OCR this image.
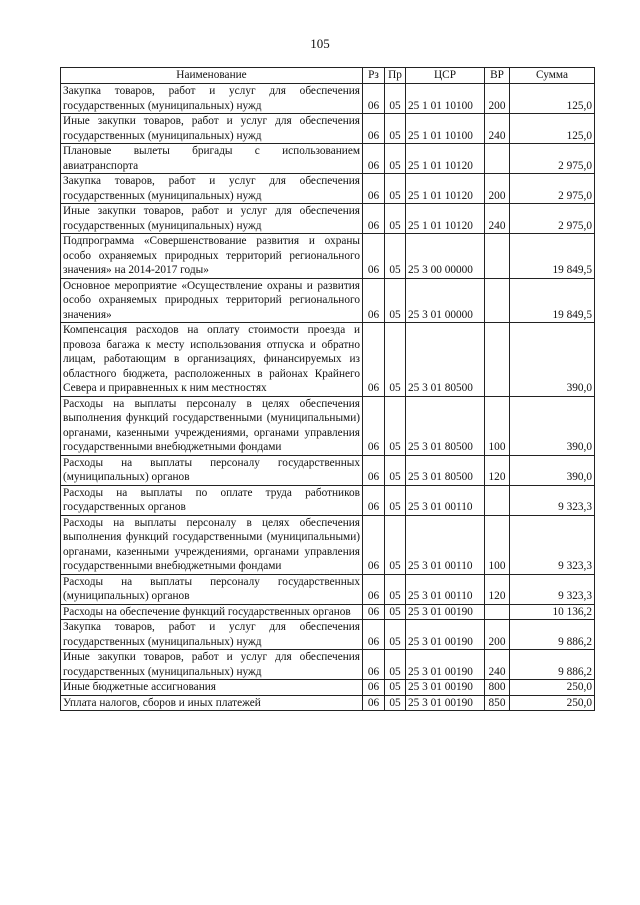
105
Наименование	Рз	Пр	ЦСР	ВР	Сумма
Закупка товаров, работ и услуг для обеспечения государственных (муниципальных) нужд	06	05	25 1 01 10100	200	125,0
Иные закупки товаров, работ и услуг для обеспечения государственных (муниципальных) нужд	06	05	25 1 01 10100	240	125,0
Плановые вылеты бригады с использованием авиатранспорта	06	05	25 1 01 10120		2 975,0
Закупка товаров, работ и услуг для обеспечения государственных (муниципальных) нужд	06	05	25 1 01 10120	200	2 975,0
Иные закупки товаров, работ и услуг для обеспечения государственных (муниципальных) нужд	06	05	25 1 01 10120	240	2 975,0
Подпрограмма «Совершенствование развития и охраны особо охраняемых природных территорий регионального значения» на 2014-2017 годы»	06	05	25 3 00 00000		19 849,5
Основное мероприятие «Осуществление охраны и развития особо охраняемых природных территорий регионального значения»	06	05	25 3 01 00000		19 849,5
Компенсация расходов на оплату стоимости проезда и провоза багажа к месту использования отпуска и обратно лицам, работающим в организациях, финансируемых из областного бюджета, расположенных в районах Крайнего Севера и приравненных к ним местностях	06	05	25 3 01 80500		390,0
Расходы на выплаты персоналу в целях обеспечения выполнения функций государственными (муниципальными) органами, казенными учреждениями, органами управления государственными внебюджетными фондами	06	05	25 3 01 80500	100	390,0
Расходы на выплаты персоналу государственных (муниципальных) органов	06	05	25 3 01 80500	120	390,0
Расходы на выплаты по оплате труда работников государственных органов	06	05	25 3 01 00110		9 323,3
Расходы на выплаты персоналу в целях обеспечения выполнения функций государственными (муниципальными) органами, казенными учреждениями, органами управления государственными внебюджетными фондами	06	05	25 3 01 00110	100	9 323,3
Расходы на выплаты персоналу государственных (муниципальных) органов	06	05	25 3 01 00110	120	9 323,3
Расходы на обеспечение функций государственных органов	06	05	25 3 01 00190		10 136,2
Закупка товаров, работ и услуг для обеспечения государственных (муниципальных) нужд	06	05	25 3 01 00190	200	9 886,2
Иные закупки товаров, работ и услуг для обеспечения государственных (муниципальных) нужд	06	05	25 3 01 00190	240	9 886,2
Иные бюджетные ассигнования	06	05	25 3 01 00190	800	250,0
Уплата налогов, сборов и иных платежей	06	05	25 3 01 00190	850	250,0
